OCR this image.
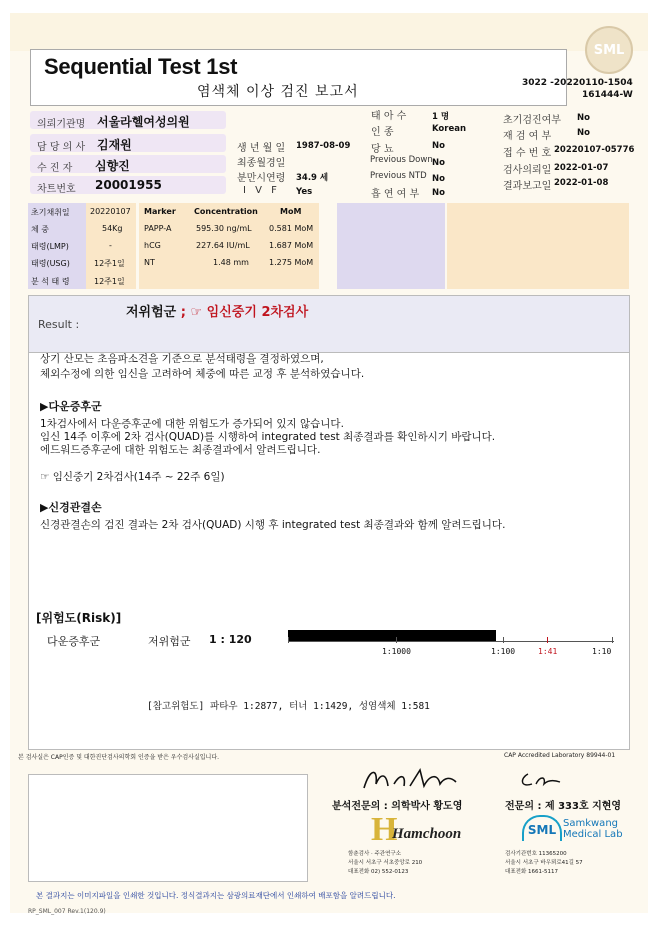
SML
Sequential Test 1st
염색체 이상 검진 보고서
3022 -20220110-1504
161444-W
의뢰기관명 서울라헬여성의원
담 당 의 사 김재원
수 진 자 심향진
차트번호 20001955
생 년 월 일 1987-08-09
최종월경일
분만시연령 34.9 세
I V F Yes
태 아 수	1 명
인 종	Korean
당 뇨	No
Previous Down No
Previous NTD No
흡 연 여 부 No
초기검진여부 No
재 검 여 부	No
접 수 번 호 20220107-05776
검사의뢰일 2022-01-07
결과보고일 2022-01-08
초기채취일	20220107
체 중	54Kg
태령(LMP)	-
태령(USG)	12주1일
분 석 태 령	12주1일
Marker Concentration	MoM
PAPP-A	595.30 ng/mL 0.581 MoM
hCG	227.64 IU/mL 1.687 MoM
NT	1.48 mm	1.275 MoM
Result :
저위험군 ; ☞ 임신중기 2차검사
상기 산모는 초음파소견을 기준으로 분석태령을 결정하였으며,
체외수정에 의한 임신을 고려하여 체중에 따른 교정 후 분석하였습니다.
▶다운증후군
1차검사에서 다운증후군에 대한 위험도가 증가되어 있지 않습니다.
임신 14주 이후에 2차 검사(QUAD)를 시행하여 integrated test 최종결과를 확인하시기 바랍니다.
에드워드증후군에 대한 위험도는 최종결과에서 알려드립니다.
☞ 임신중기 2차검사(14주 ~ 22주 6일)
▶신경관결손
신경관결손의 검진 결과는 2차 검사(QUAD) 시행 후 integrated test 최종결과와 함께 알려드립니다.
[위험도(Risk)]
다운증후군	저위험군 1 : 120
1:1000	1:100	1:41	1:10
[참고위험도] 파타우 1:2877, 터너 1:1429, 성염색체 1:581
본 검사실은 CAP인증 및 대한진단검사의학회 인증을 받은 우수검사실입니다.	CAP Accredited Laboratory 89944-01
분석전문의 : 의학박사 황도영	전문의 : 제 333호 지현영
H
Hamchoon
함춘검사 · 주관연구소
서울시 서초구 서초중앙로 210
대표전화 02) 552-0123
SML Samkwang
Medical Lab
검사기관번호 11365200
서울시 서초구 바우뫼로41길 57
대표전화 1661-5117
본 결과지는 이미지파일을 인쇄한 것입니다. 정식결과지는 삼광의료재단에서 인쇄하여 배포함을 알려드립니다.
RP_SML_007 Rev.1(120.9)
